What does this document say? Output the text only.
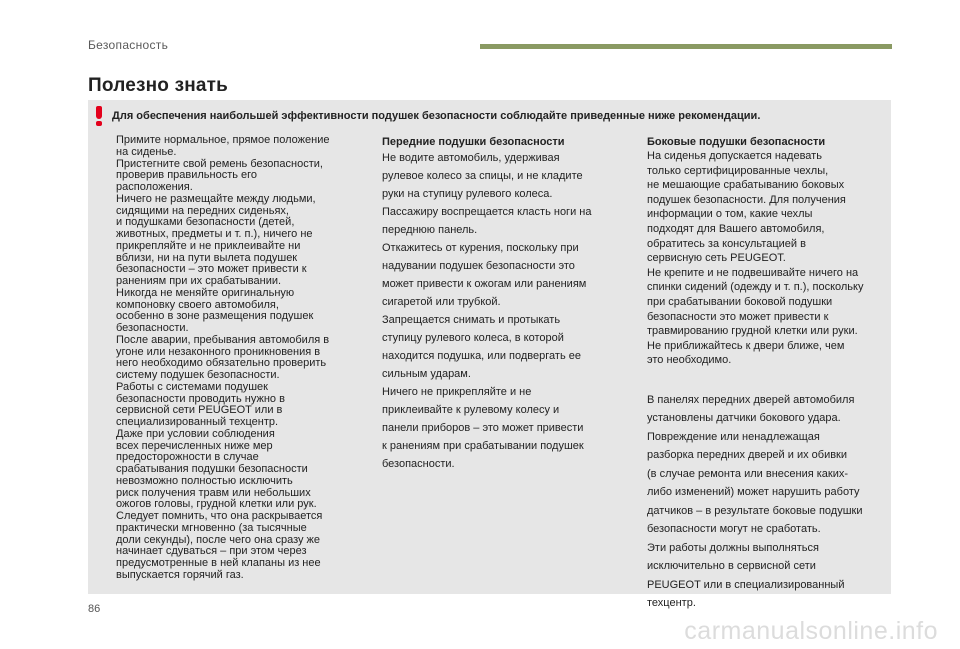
Безопасность
Полезно знать
Для обеспечения наибольшей эффективности подушек безопасности соблюдайте приведенные ниже рекомендации.

Примите нормальное, прямое положение

на сиденье.

Пристегните свой ремень безопасности,

проверив правильность его

расположения.

Ничего не размещайте между людьми,

сидящими на передних сиденьях,

и подушками безопасности (детей,

животных, предметы и т. п.), ничего не

прикрепляйте и не приклеивайте ни

вблизи, ни на пути вылета подушек

безопасности – это может привести к

ранениям при их срабатывании.

Никогда не меняйте оригинальную

компоновку своего автомобиля,

особенно в зоне размещения подушек

безопасности.

После аварии, пребывания автомобиля в

угоне или незаконного проникновения в

него необходимо обязательно проверить

систему подушек безопасности.

Работы с системами подушек

безопасности проводить нужно в

сервисной сети PEUGEOT или в

специализированный техцентр.

Даже при условии соблюдения

всех перечисленных ниже мер

предосторожности в случае

срабатывания подушки безопасности

невозможно полностью исключить

риск получения травм или небольших

ожогов головы, грудной клетки или рук.

Следует помнить, что она раскрывается

практически мгновенно (за тысячные

доли секунды), после чего она сразу же

начинает сдуваться – при этом через

предусмотренные в ней клапаны из нее

выпускается горячий газ.

Передние подушки безопасности

Не водите автомобиль, удерживая

рулевое колесо за спицы, и не кладите

руки на ступицу рулевого колеса.

Пассажиру воспрещается класть ноги на

переднюю панель.

Откажитесь от курения, поскольку при

надувании подушек безопасности это

может привести к ожогам или ранениям

сигаретой или трубкой.

Запрещается снимать и протыкать

ступицу рулевого колеса, в которой

находится подушка, или подвергать ее

сильным ударам.

Ничего не прикрепляйте и не

приклеивайте к рулевому колесу и

панели приборов – это может привести

к ранениям при срабатывании подушек

безопасности.

Боковые подушки безопасности

На сиденья допускается надевать

только сертифицированные чехлы,

не мешающие срабатыванию боковых

подушек безопасности. Для получения

информации о том, какие чехлы

подходят для Вашего автомобиля,

обратитесь за консультацией в

сервисную сеть PEUGEOT.

Не крепите и не подвешивайте ничего на

спинки сидений (одежду и т. п.), поскольку

при срабатывании боковой подушки

безопасности это может привести к

травмированию грудной клетки или руки.

Не приближайтесь к двери ближе, чем

это необходимо.

В панелях передних дверей автомобиля

установлены датчики бокового удара.

Повреждение или ненадлежащая

разборка передних дверей и их обивки

(в случае ремонта или внесения каких-

либо изменений) может нарушить работу

датчиков – в результате боковые подушки

безопасности могут не сработать.

Эти работы должны выполняться

исключительно в сервисной сети

PEUGEOT или в специализированный

техцентр.

86
carmanualsonline.info
